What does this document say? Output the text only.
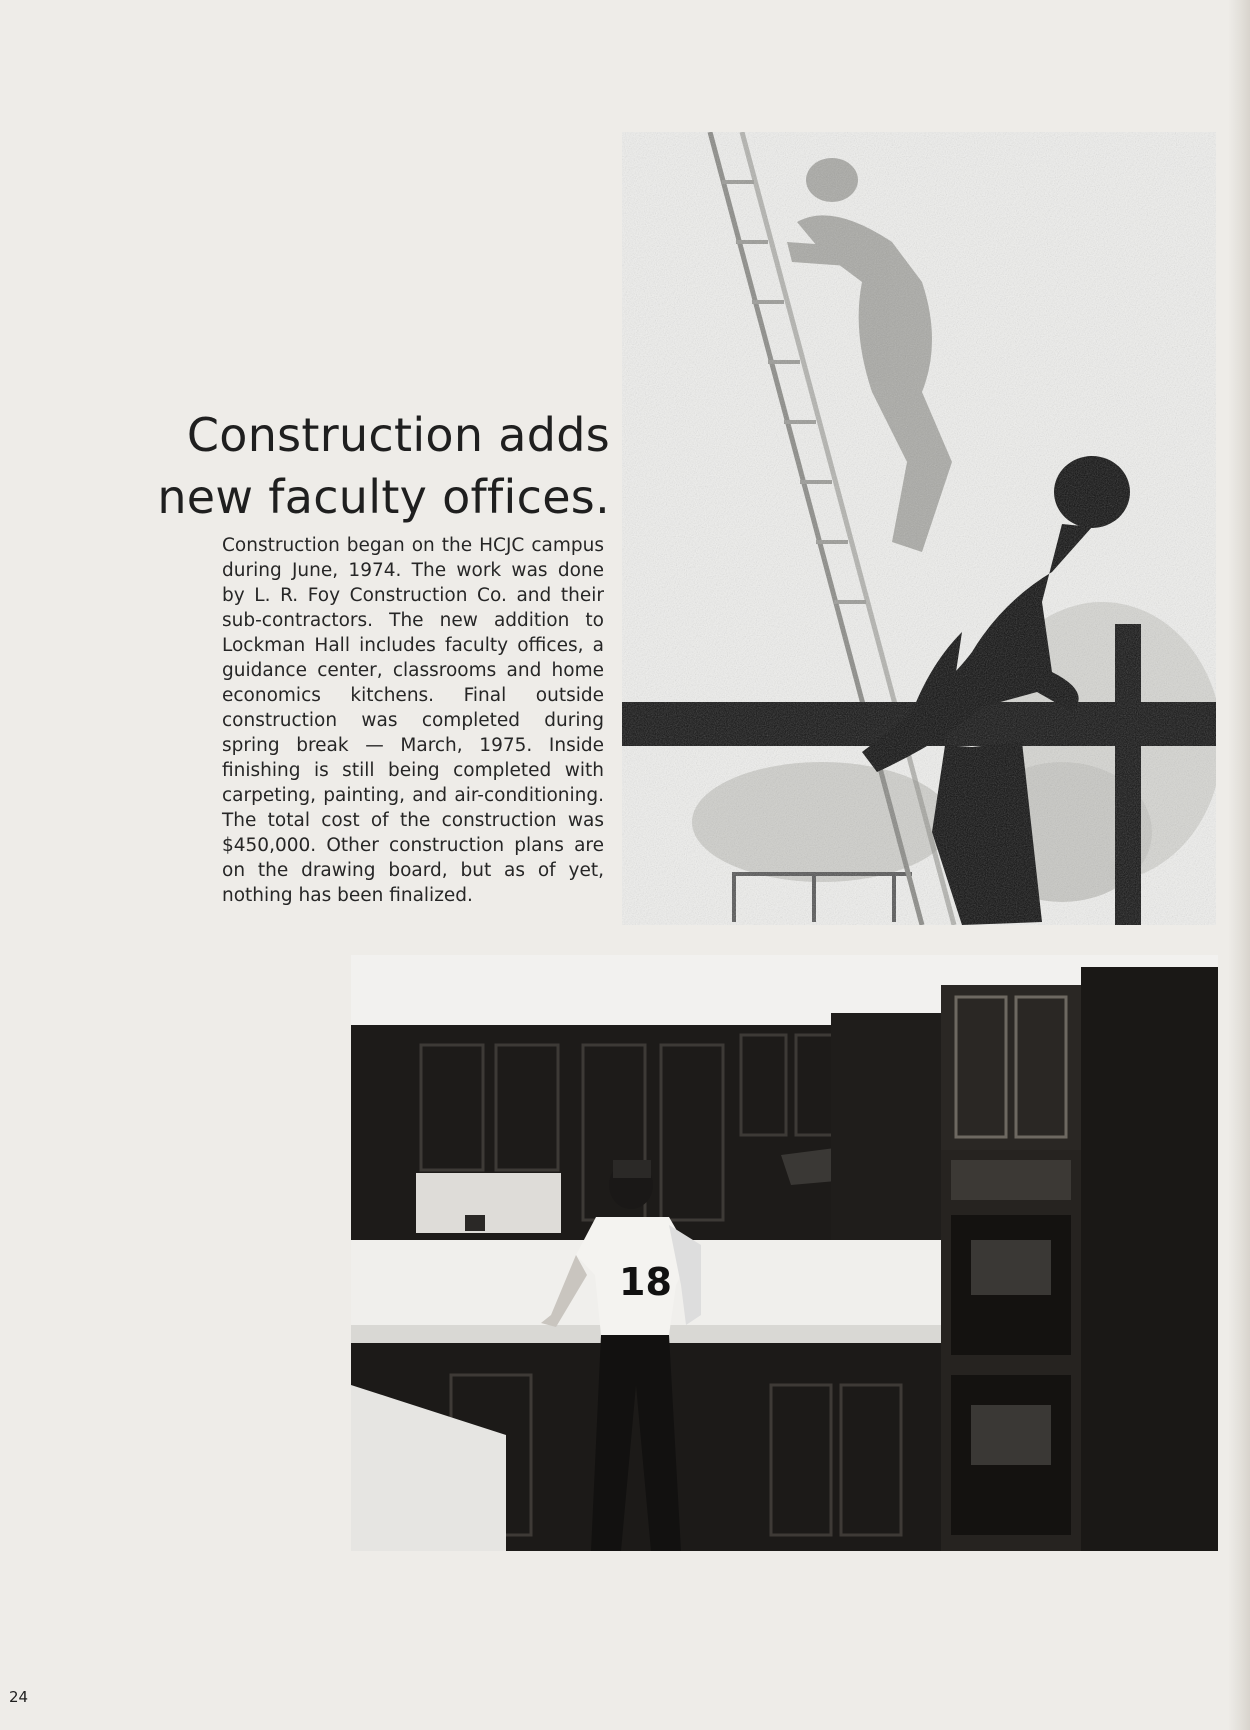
Construction adds
new faculty offices.

Construction began on the HCJC campus during June, 1974. The work was done by L. R. Foy Construction Co. and their sub-contractors. The new addition to Lockman Hall includes faculty offices, a guidance center, classrooms and home economics kitchens. Final outside construction was completed during spring break — March, 1975. Inside finishing is still being completed with carpeting, painting, and air-conditioning. The total cost of the construction was $450,000. Other construction plans are on the drawing board, but as of yet, nothing has been finalized.

18
24
